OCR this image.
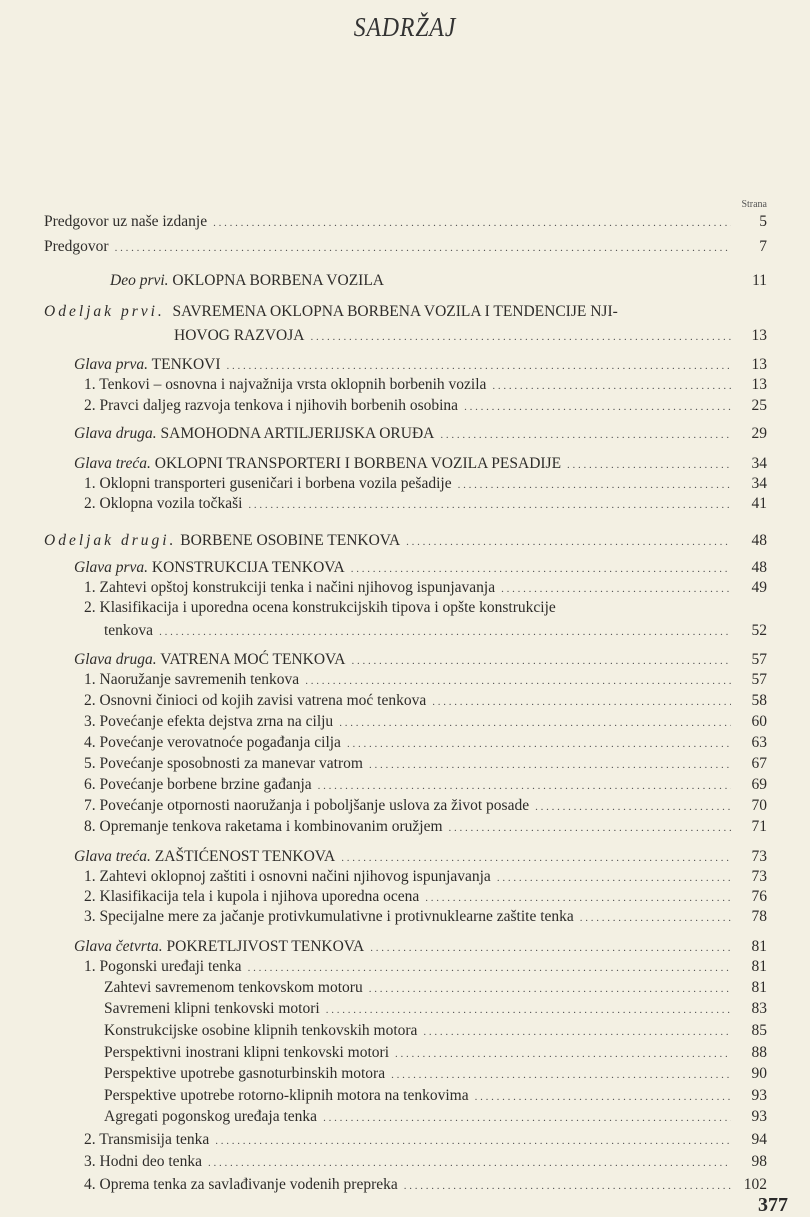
SADRŽAJ
Strana
Predgovor uz naše izdanje . . .	5
Predgovor . . .	7
Deo prvi. OKLOPNA BORBENA VOZILA	11
Odeljak prvi. SAVREMENA OKLOPNA BORBENA VOZILA I TENDENCIJE NJI-
HOVOG RAZVOJA . . .	13
Glava prva. TENKOVI . . .	13
1. Tenkovi – osnovna i najvažnija vrsta oklopnih borbenih vozila . . .	13
2. Pravci daljeg razvoja tenkova i njihovih borbenih osobina . . .	25
Glava druga. SAMOHODNA ARTILJERIJSKA ORUĐA . . .	29
Glava treća. OKLOPNI TRANSPORTERI I BORBENA VOZILA PESADIJE . . .	34
1. Oklopni transporteri guseničari i borbena vozila pešadije . . .	34
2. Oklopna vozila točkaši . . .	41
Odeljak drugi. BORBENE OSOBINE TENKOVA . . .	48
Glava prva. KONSTRUKCIJA TENKOVA . . .	48
1. Zahtevi opštoj konstrukciji tenka i načini njihovog ispunjavanja . . .	49
2. Klasifikacija i uporedna ocena konstrukcijskih tipova i opšte konstrukcije
tenkova . . .	52
Glava druga. VATRENA MOĆ TENKOVA . . .	57
1. Naoružanje savremenih tenkova . . .	57
2. Osnovni činioci od kojih zavisi vatrena moć tenkova . . .	58
3. Povećanje efekta dejstva zrna na cilju . . .	60
4. Povećanje verovatnoće pogađanja cilja . . .	63
5. Povećanje sposobnosti za manevar vatrom . . .	67
6. Povećanje borbene brzine gađanja . . .	69
7. Povećanje otpornosti naoružanja i poboljšanje uslova za život posade . . .	70
8. Opremanje tenkova raketama i kombinovanim oružjem . . .	71
Glava treća. ZAŠTIĆENOST TENKOVA . . .	73
1. Zahtevi oklopnoj zaštiti i osnovni načini njihovog ispunjavanja . . .	73
2. Klasifikacija tela i kupola i njihova uporedna ocena . . .	76
3. Specijalne mere za jačanje protivkumulativne i protivnuklearne zaštite tenka . . .	78
Glava četvrta. POKRETLJIVOST TENKOVA . . .	81
1. Pogonski uređaji tenka . . .	81
Zahtevi savremenom tenkovskom motoru . . .	81
Savremeni klipni tenkovski motori . . .	83
Konstrukcijske osobine klipnih tenkovskih motora . . .	85
Perspektivni inostrani klipni tenkovski motori . . .	88
Perspektive upotrebe gasnoturbinskih motora . . .	90
Perspektive upotrebe rotorno-klipnih motora na tenkovima . . .	93
Agregati pogonskog uređaja tenka . . .	93
2. Transmisija tenka . . .	94
3. Hodni deo tenka . . .	98
4. Oprema tenka za savlađivanje vodenih prepreka . . .	102
377
